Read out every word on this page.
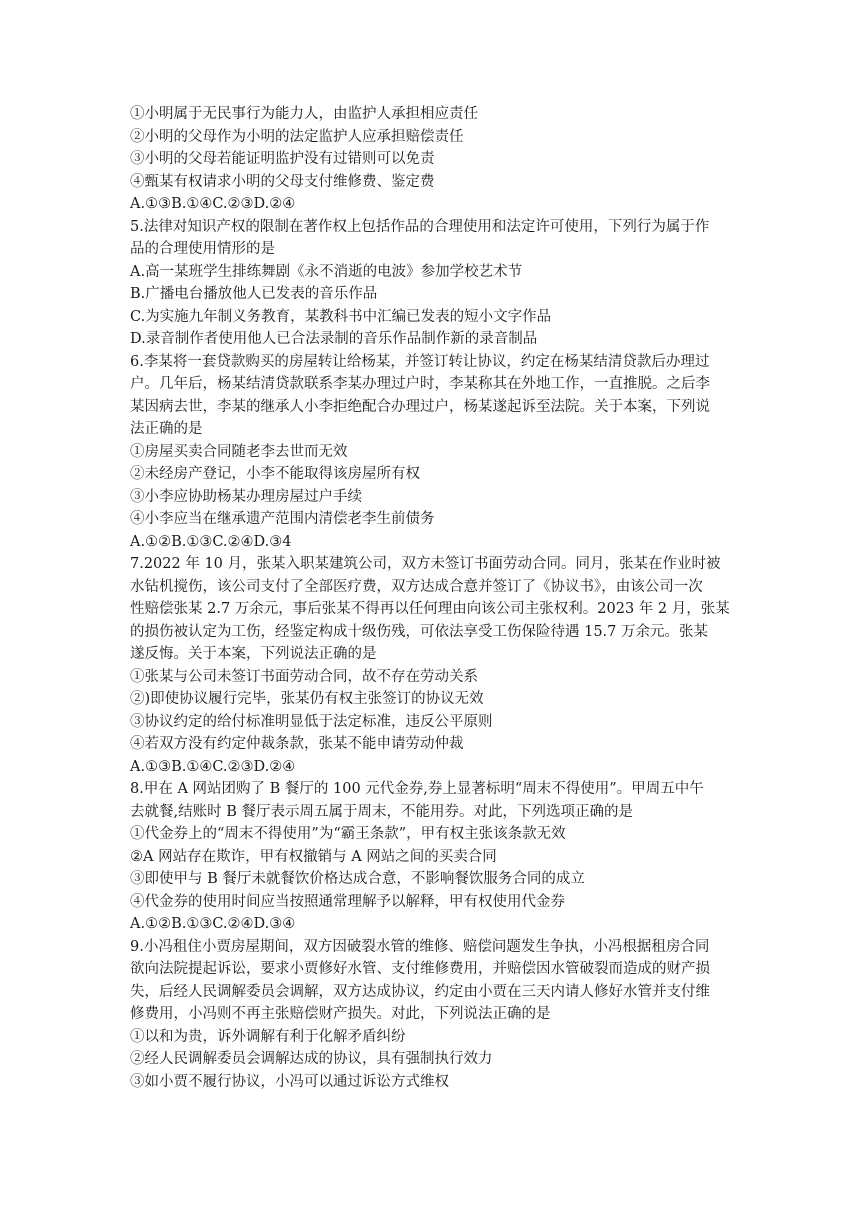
①小明属于无民事行为能力人，由监护人承担相应责任
②小明的父母作为小明的法定监护人应承担赔偿责任
③小明的父母若能证明监护没有过错则可以免责
④甄某有权请求小明的父母支付维修费、鉴定费
A.①③B.①④C.②③D.②④
5.法律对知识产权的限制在著作权上包括作品的合理使用和法定许可使用，下列行为属于作
品的合理使用情形的是
A.高一某班学生排练舞剧《永不消逝的电波》参加学校艺术节
B.广播电台播放他人已发表的音乐作品
C.为实施九年制义务教育，某教科书中汇编已发表的短小文字作品
D.录音制作者使用他人已合法录制的音乐作品制作新的录音制品
6.李某将一套贷款购买的房屋转让给杨某，并签订转让协议，约定在杨某结清贷款后办理过
户。几年后，杨某结清贷款联系李某办理过户时，李某称其在外地工作，一直推脱。之后李
某因病去世，李某的继承人小李拒绝配合办理过户，杨某遂起诉至法院。关于本案，下列说
法正确的是
①房屋买卖合同随老李去世而无效
②未经房产登记，小李不能取得该房屋所有权
③小李应协助杨某办理房屋过户手续
④小李应当在继承遗产范围内清偿老李生前债务
A.①②B.①③C.②④D.③4
7.2022 年 10 月，张某入职某建筑公司，双方未签订书面劳动合同。同月，张某在作业时被
水钻机搅伤，该公司支付了全部医疗费，双方达成合意并签订了《协议书》，由该公司一次
性赔偿张某 2.7 万余元，事后张某不得再以任何理由向该公司主张权利。2023 年 2 月，张某
的损伤被认定为工伤，经鉴定构成十级伤残，可依法享受工伤保险待遇 15.7 万余元。张某
遂反悔。关于本案，下列说法正确的是
①张某与公司未签订书面劳动合同，故不存在劳动关系
②)即使协议履行完毕，张某仍有权主张签订的协议无效
③协议约定的给付标准明显低于法定标准，违反公平原则
④若双方没有约定仲裁条款，张某不能申请劳动仲裁
A.①③B.①④C.②③D.②④
8.甲在 A 网站团购了 B 餐厅的 100 元代金券,券上显著标明“周末不得使用”。甲周五中午
去就餐,结账时 B 餐厅表示周五属于周末，不能用券。对此，下列选项正确的是
①代金券上的“周末不得使用”为“霸王条款”，甲有权主张该条款无效
②A 网站存在欺诈，甲有权撤销与 A 网站之间的买卖合同
③即使甲与 B 餐厅未就餐饮价格达成合意，不影响餐饮服务合同的成立
④代金券的使用时间应当按照通常理解予以解释，甲有权使用代金券
A.①②B.①③C.②④D.③④
9.小冯租住小贾房屋期间，双方因破裂水管的维修、赔偿问题发生争执，小冯根据租房合同
欲向法院提起诉讼，要求小贾修好水管、支付维修费用，并赔偿因水管破裂而造成的财产损
失，后经人民调解委员会调解，双方达成协议，约定由小贾在三天内请人修好水管并支付维
修费用，小冯则不再主张赔偿财产损失。对此，下列说法正确的是
①以和为贵，诉外调解有利于化解矛盾纠纷
②经人民调解委员会调解达成的协议，具有强制执行效力
③如小贾不履行协议，小冯可以通过诉讼方式维权
